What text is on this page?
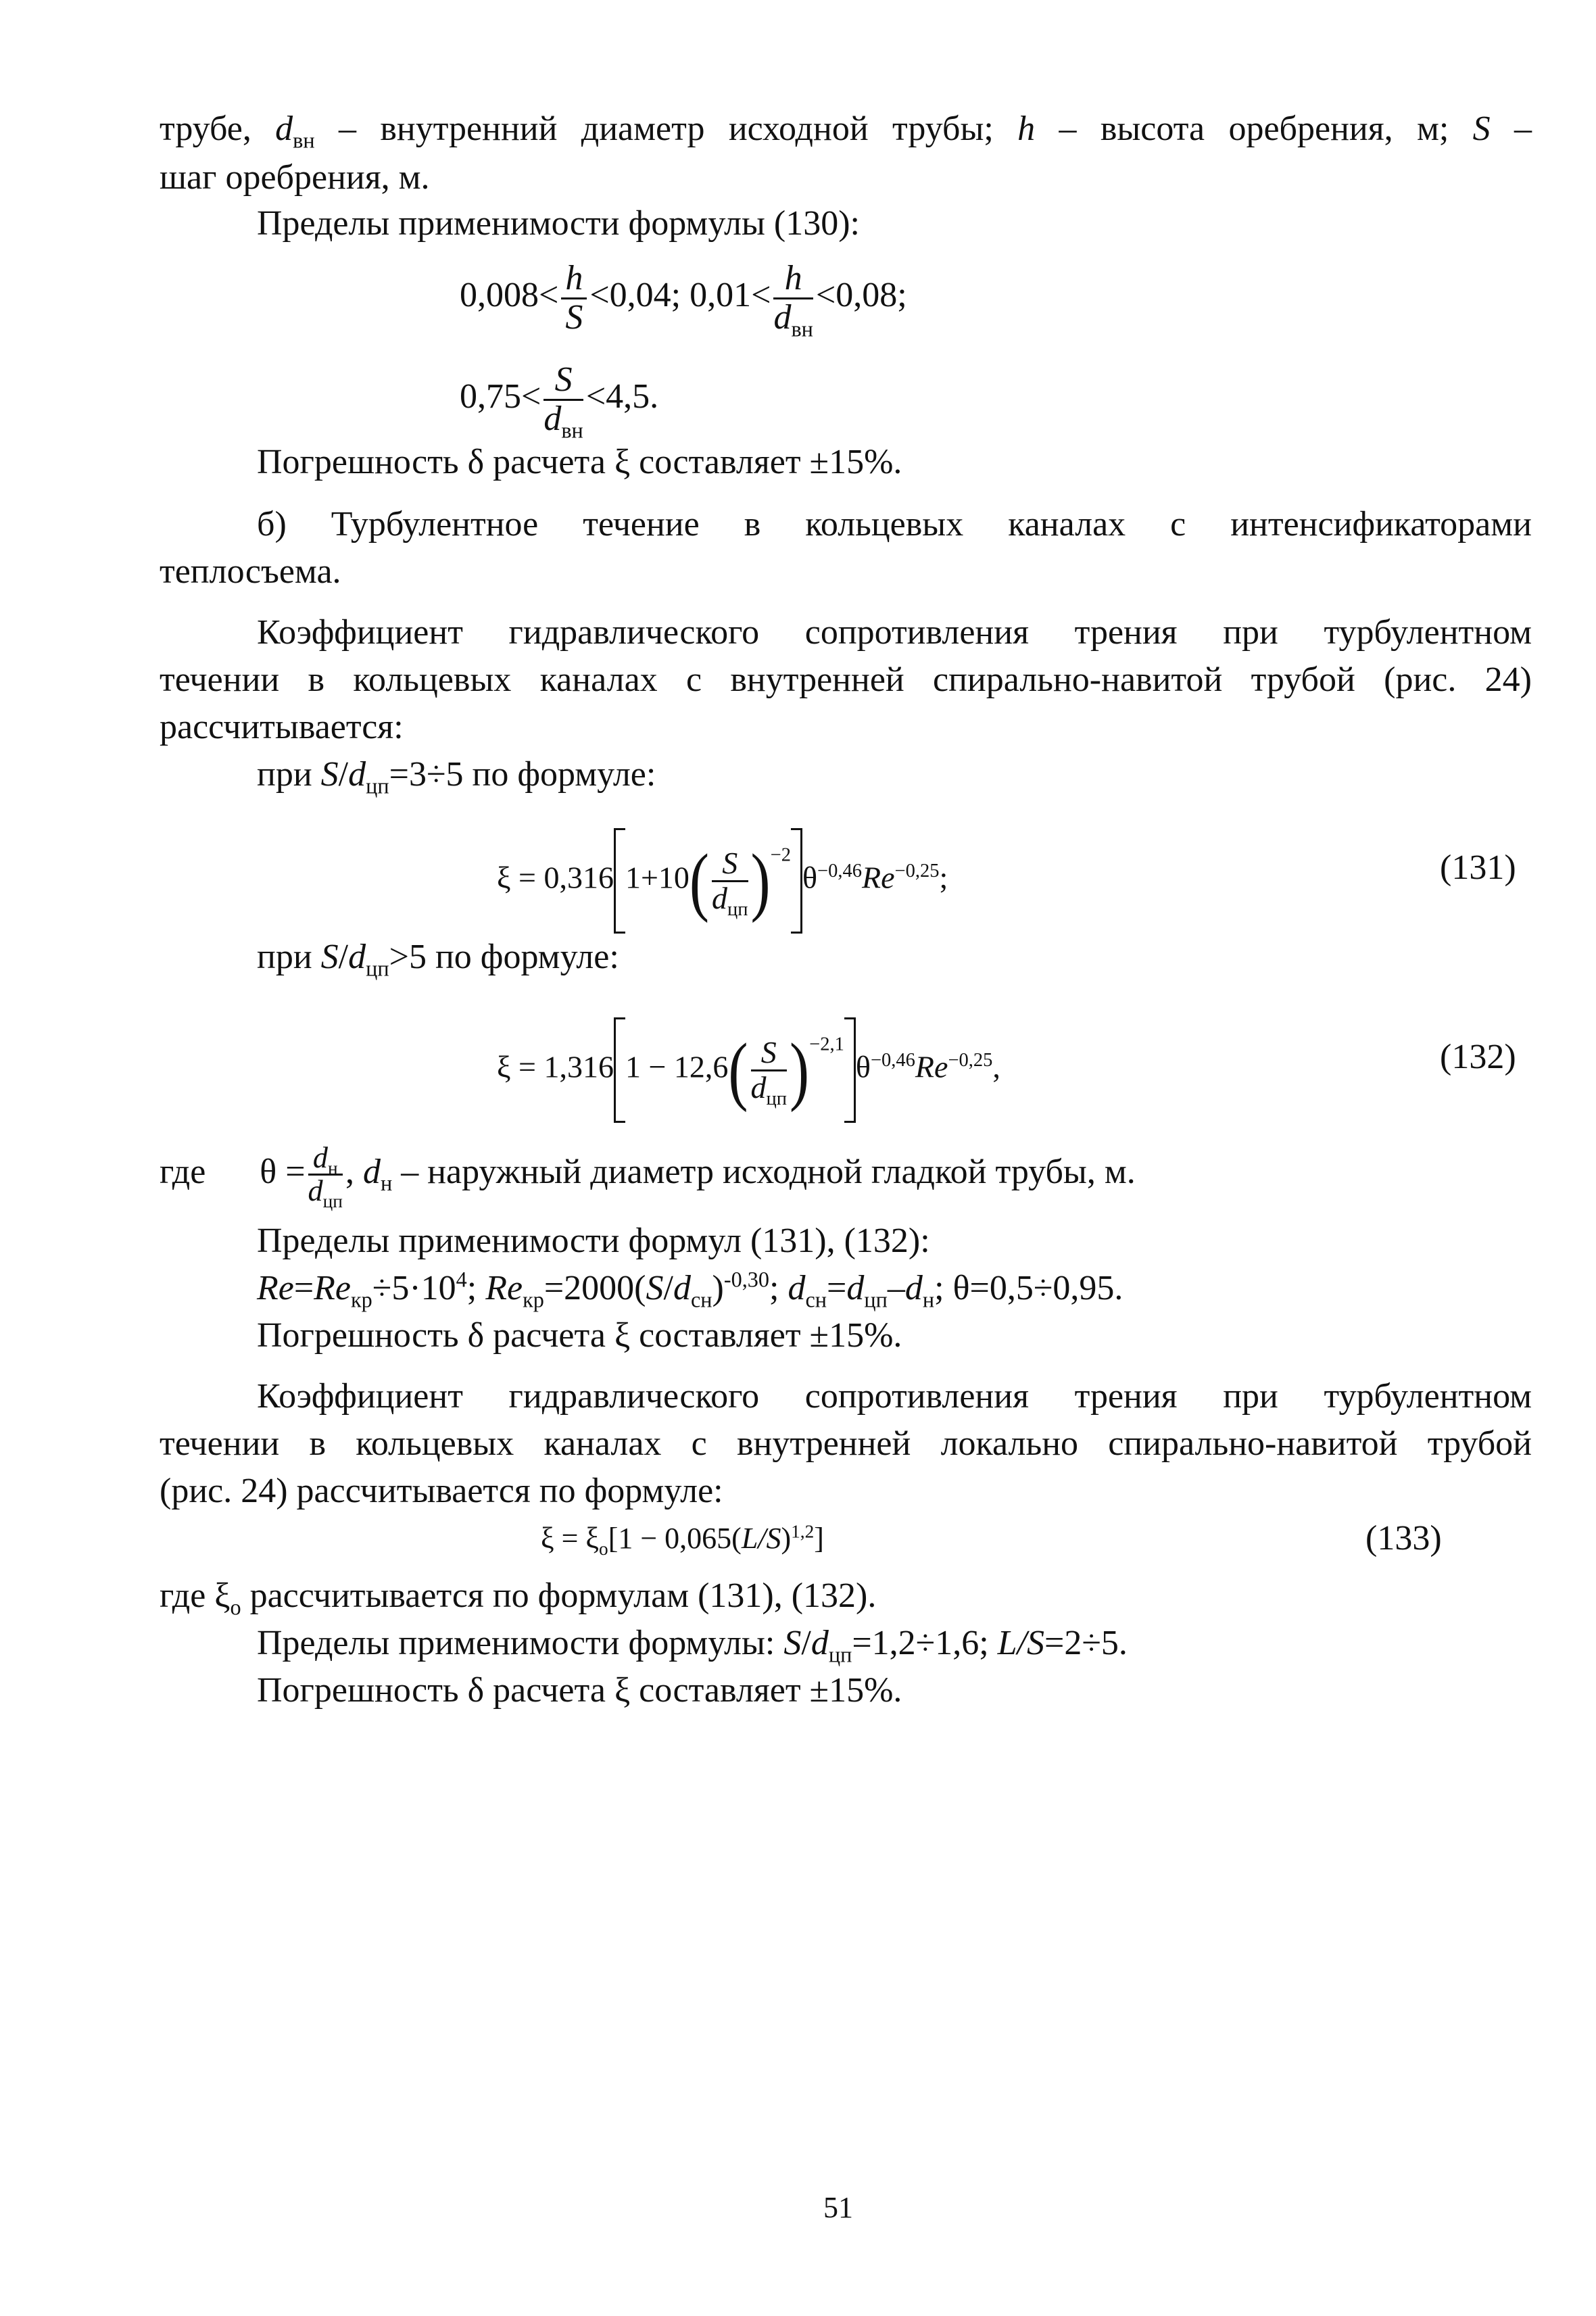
трубе, $d_{вн}$ – внутренний диаметр исходной трубы; h – высота оребрения, м; S –
шаг оребрения, м.
Пределы применимости формулы (130):
$0,008< \frac{h}{S} <0,04$; $0,01< \frac{h}{d_{вн}} <0,08$;
$0,75< \frac{S}{d_{вн}} <4,5$.
Погрешность δ расчета ξ составляет ±15%.
б) Турбулентное течение в кольцевых каналах с интенсификаторами
теплосъема.
Коэффициент гидравлического сопротивления трения при турбулентном
течении в кольцевых каналах с внутренней спирально-навитой трубой (рис. 24)
рассчитывается:
при $S/d_{цп}=3\div 5$ по формуле:
ξ = 0,316 $1+10( \frac{S}{d_{цп}} )^{-2}\theta^{-0,46}Re^{-0,25}$;	(131)
при $S/d_{цп}>5$ по формуле:
ξ = 1,316 $1 - 12,6( \frac{S}{d_{цп}} )^{-2,1}\theta^{-0,46}Re^{-0,25}$,	(132)
где $\theta = \frac{d_н}{d_{цп}}$ , $d_н$ – наружный диаметр исходной гладкой трубы, м.
Пределы применимости формул (131), (132):
$Re=Re_{кр}\div 5\cdot 10^4$; $Re_{кр}=2000(S/d_{сн})^{-0,30}$; $d_{сн}=d_{цп}-d_н$; θ=0,5÷0,95.
Погрешность δ расчета ξ составляет ±15%.
Коэффициент гидравлического сопротивления трения при турбулентном
течении в кольцевых каналах с внутренней локально спирально-навитой трубой
(рис. 24) рассчитывается по формуле:
$\xi = \xi_o[1 - 0,065(L/S)^{1,2}]$	(133)
где $\xi_o$ рассчитывается по формулам (131), (132).
Пределы применимости формулы: $S/d_{цп}=1,2\div 1,6$; L/S=2÷5.
Погрешность δ расчета ξ составляет ±15%.
51
